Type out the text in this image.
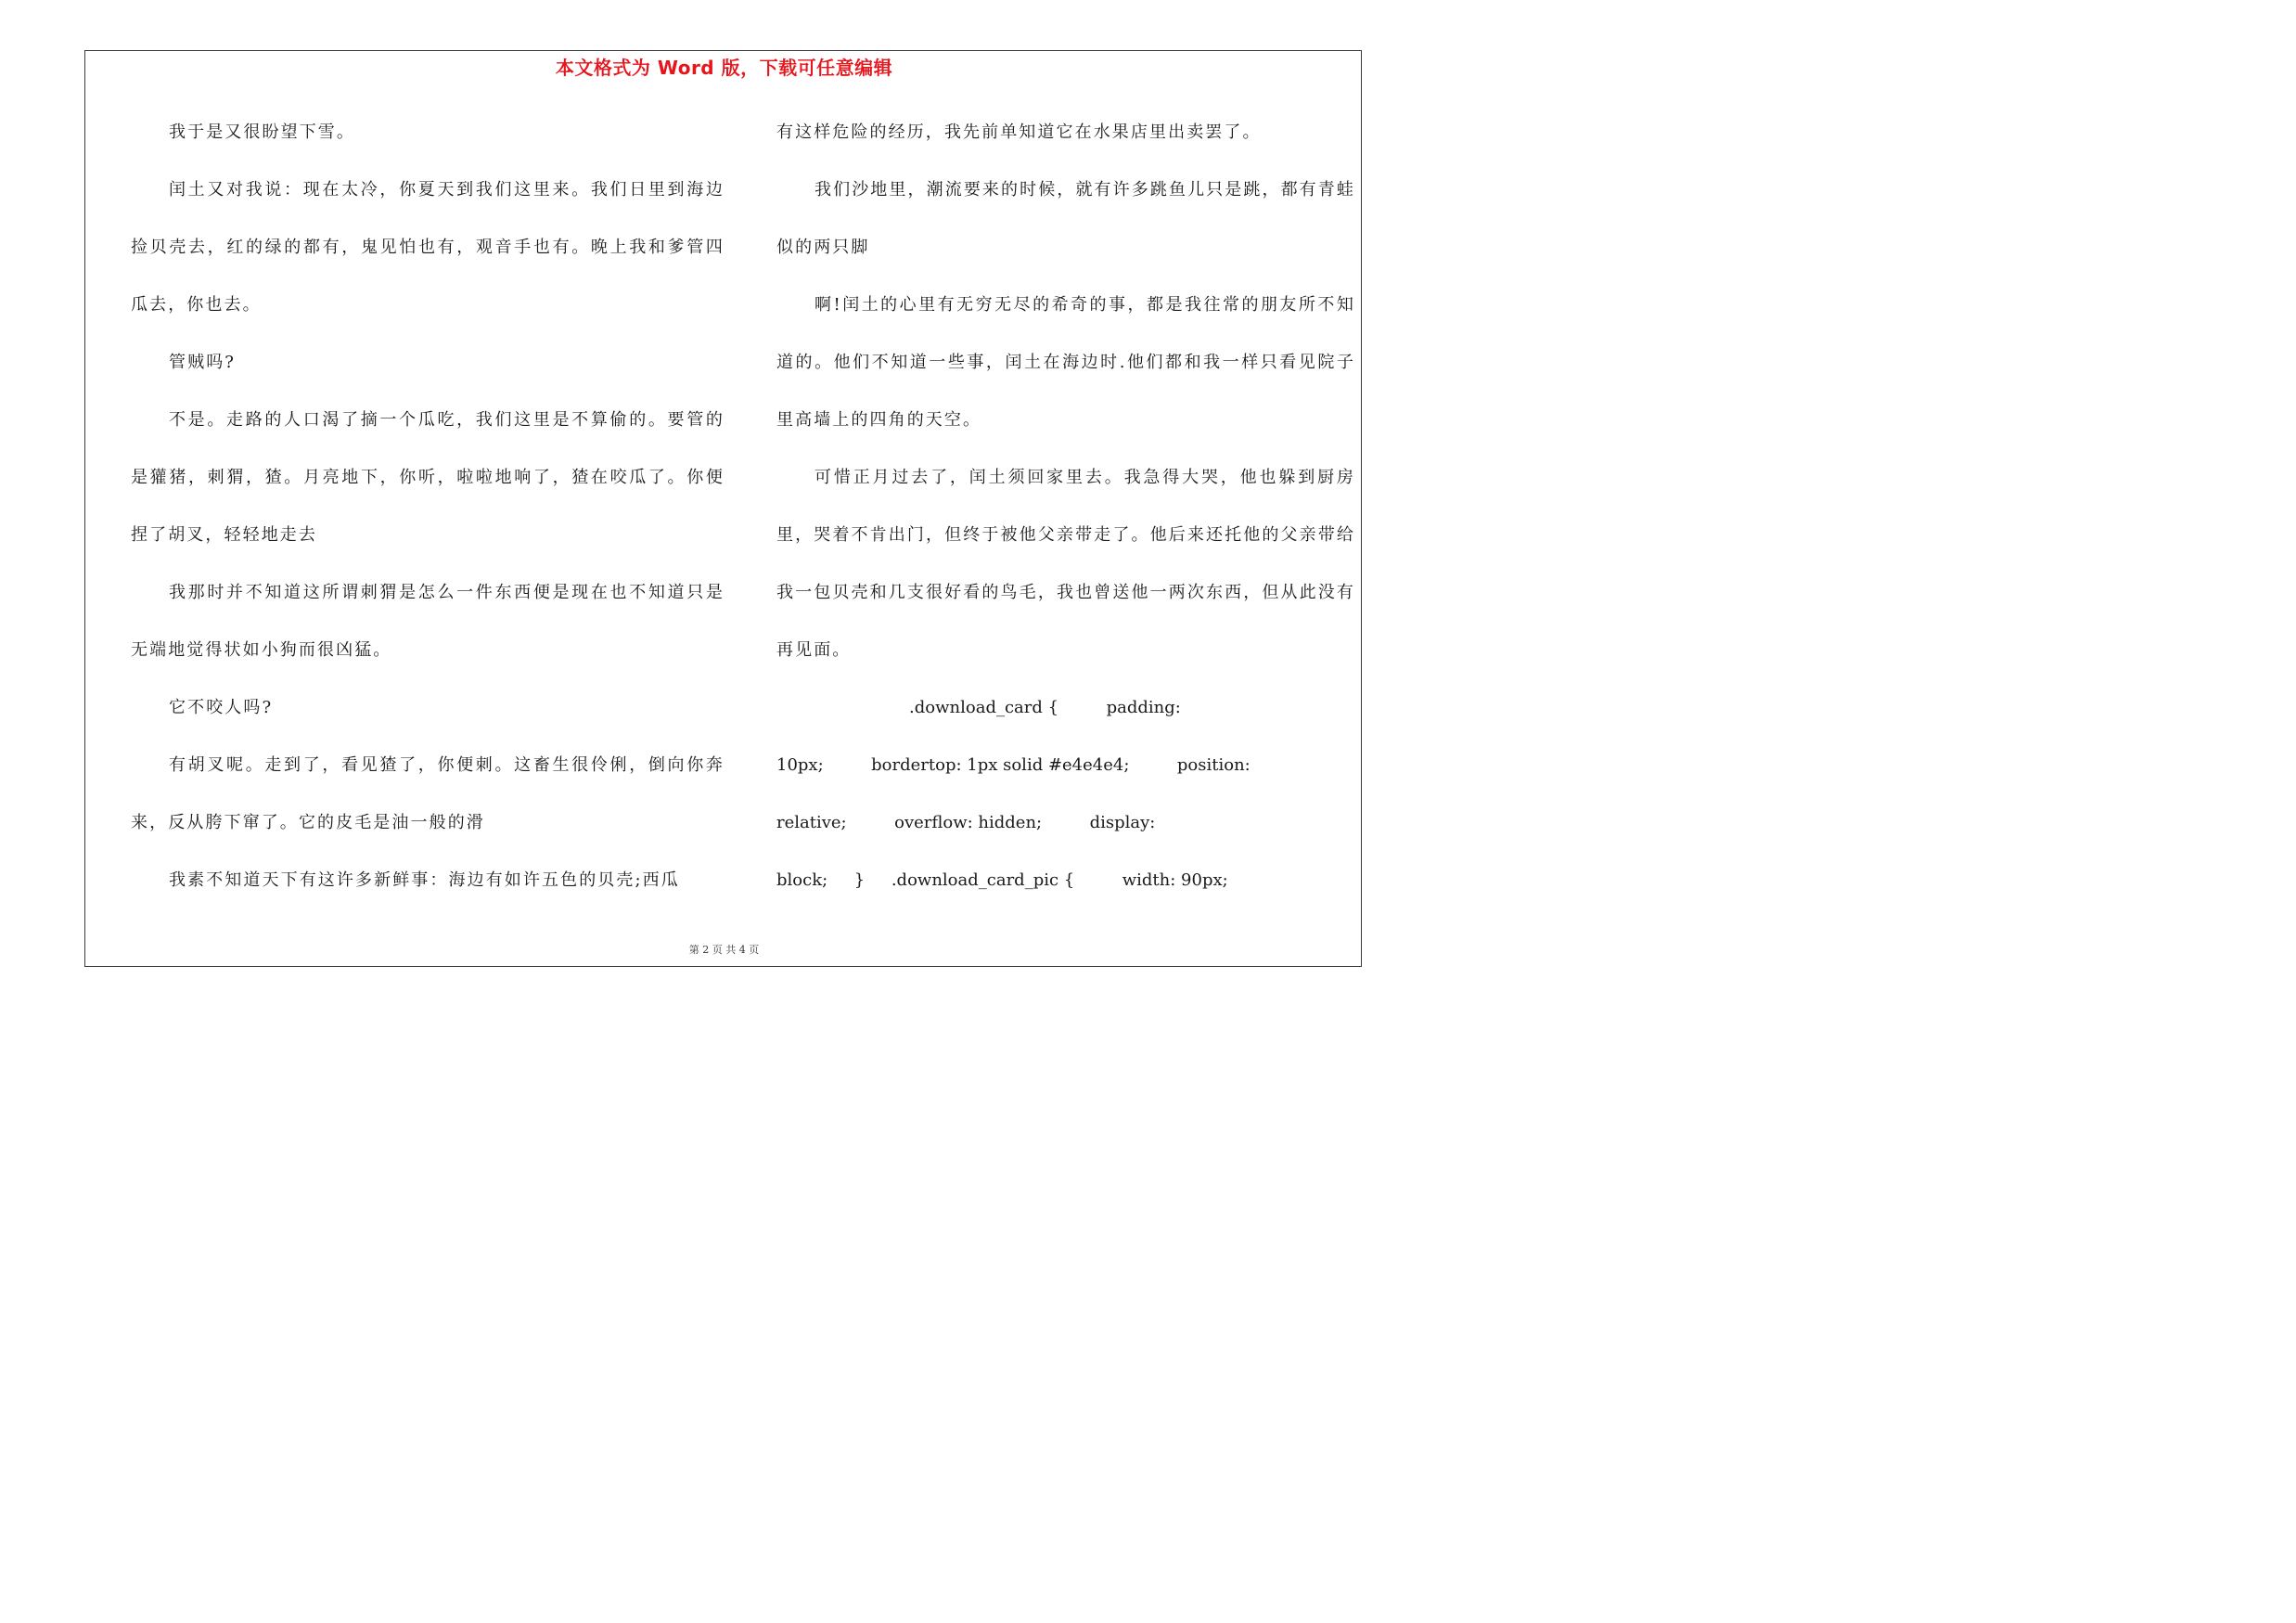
本文格式为 Word 版，下载可任意编辑

我于是又很盼望下雪。

闰土又对我说：现在太冷，你夏天到我们这里来。我们日里到海边捡贝壳去，红的绿的都有，鬼见怕也有，观音手也有。晚上我和爹管四瓜去，你也去。

管贼吗?

不是。走路的人口渴了摘一个瓜吃，我们这里是不算偷的。要管的是獾猪，刺猬，猹。月亮地下，你听，啦啦地响了，猹在咬瓜了。你便捏了胡叉，轻轻地走去

我那时并不知道这所谓刺猬是怎么一件东西便是现在也不知道只是无端地觉得状如小狗而很凶猛。

它不咬人吗?

有胡叉呢。走到了，看见猹了，你便刺。这畜生很伶俐，倒向你奔来，反从胯下窜了。它的皮毛是油一般的滑

我素不知道天下有这许多新鲜事：海边有如许五色的贝壳;西瓜

有这样危险的经历，我先前单知道它在水果店里出卖罢了。

我们沙地里，潮流要来的时候，就有许多跳鱼儿只是跳，都有青蛙似的两只脚

啊!闰土的心里有无穷无尽的希奇的事，都是我往常的朋友所不知道的。他们不知道一些事，闰土在海边时.他们都和我一样只看见院子里高墙上的四角的天空。

可惜正月过去了，闰土须回家里去。我急得大哭，他也躲到厨房里，哭着不肯出门，但终于被他父亲带走了。他后来还托他的父亲带给我一包贝壳和几支很好看的鸟毛，我也曾送他一两次东西，但从此没有再见面。

.download_card {         padding:

10px;         bordertop: 1px solid #e4e4e4;         position:

relative;         overflow: hidden;         display:

block;     }     .download_card_pic {         width: 90px;

第 2 页 共 4 页
